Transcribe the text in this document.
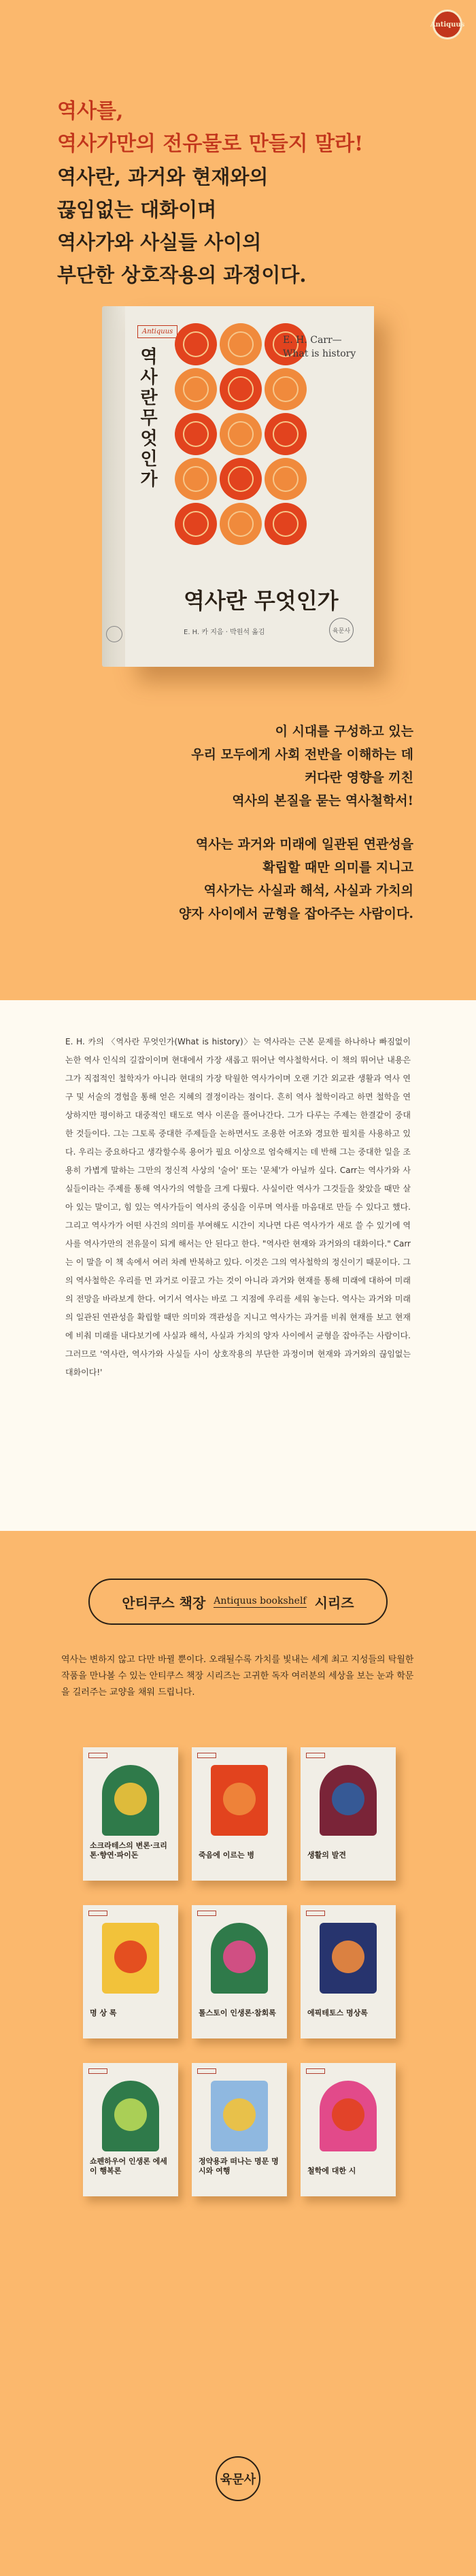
Antiquus

역사를,

역사가만의 전유물로 만들지 말라!

역사란, 과거와 현재와의

끊임없는 대화이며

역사가와 사실들 사이의

부단한 상호작용의 과정이다.

Antiquus
역사란무엇인가
E. H. Carr—
What is history
역사란 무엇인가
E. H. 카 지음 · 박원석 옮김	육문사

이 시대를 구성하고 있는

우리 모두에게 사회 전반을 이해하는 데

커다란 영향을 끼친

역사의 본질을 묻는 역사철학서!

역사는 과거와 미래에 일관된 연관성을

확립할 때만 의미를 지니고

역사가는 사실과 해석, 사실과 가치의

양자 사이에서 균형을 잡아주는 사람이다.

E. H. 카의 〈역사란 무엇인가(What is history)〉는 역사라는 근본 문제를 하나하나 빠짐없이 논한 역사 인식의 길잡이이며 현대에서 가장 새롭고 뛰어난 역사철학서다. 이 책의 뛰어난 내용은 그가 직접적인 철학자가 아니라 현대의 가장 탁월한 역사가이며 오랜 기간 외교관 생활과 역사 연구 및 서술의 경험을 통해 얻은 지혜의 결정이라는 점이다. 흔히 역사 철학이라고 하면 철학을 연상하지만 평이하고 대중적인 태도로 역사 이론을 풀어나간다. 그가 다루는 주제는 한결같이 중대한 것들이다. 그는 그토록 중대한 주제들을 논하면서도 조용한 어조와 경묘한 필치를 사용하고 있다. 우리는 중요하다고 생각할수록 용어가 필요 이상으로 엄숙해지는 데 반해 그는 중대한 일을 조용히 가볍게 말하는 그만의 정신적 사상의 '술어' 또는 '문체'가 아닐까 싶다. Carr는 역사가와 사실들이라는 주제를 통해 역사가의 역할을 크게 다뤘다. 사실이란 역사가 그것들을 찾았을 때만 살아 있는 말이고, 힘 있는 역사가들이 역사의 중심을 이루며 역사를 마음대로 만들 수 있다고 했다. 그리고 역사가가 어떤 사건의 의미를 부여해도 시간이 지나면 다른 역사가가 새로 쓸 수 있기에 역사를 역사가만의 전유물이 되게 해서는 안 된다고 한다. "역사란 현재와 과거와의 대화이다." Carr는 이 말을 이 책 속에서 여러 차례 반복하고 있다. 이것은 그의 역사철학의 정신이기 때문이다. 그의 역사철학은 우리를 먼 과거로 이끌고 가는 것이 아니라 과거와 현재를 통해 미래에 대하여 미래의 전망을 바라보게 한다. 여기서 역사는 바로 그 지점에 우리를 세워 놓는다. 역사는 과거와 미래의 일관된 연관성을 확립할 때만 의미와 객관성을 지니고 역사가는 과거를 비춰 현재를 보고 현재에 비춰 미래를 내다보기에 사실과 해석, 사실과 가치의 양자 사이에서 균형을 잡아주는 사람이다. 그러므로 '역사란, 역사가와 사실들 사이 상호작용의 부단한 과정이며 현재와 과거와의 끊임없는 대화이다!'

안티쿠스 책장 Antiquus bookshelf 시리즈
역사는 변하지 않고 다만 바뀔 뿐이다. 오래될수록 가치를 빛내는 세계 최고 지성들의 탁월한 작품을 만나볼 수 있는 안티쿠스 책장 시리즈는 고귀한 독자 여러분의 세상을 보는 눈과 학문을 길러주는 교양을 채워 드립니다.
소크라테스의 변론·크리톤·향연·파이돈	죽음에 이르는 병	생활의 발견
명 상 록	톨스토이 인생론·참회록	에픽테토스 명상록
쇼펜하우어 인생론 에세이 행복론
정약용과 떠나는 명문 명시와 여행	철학에 대한 시
육문사
